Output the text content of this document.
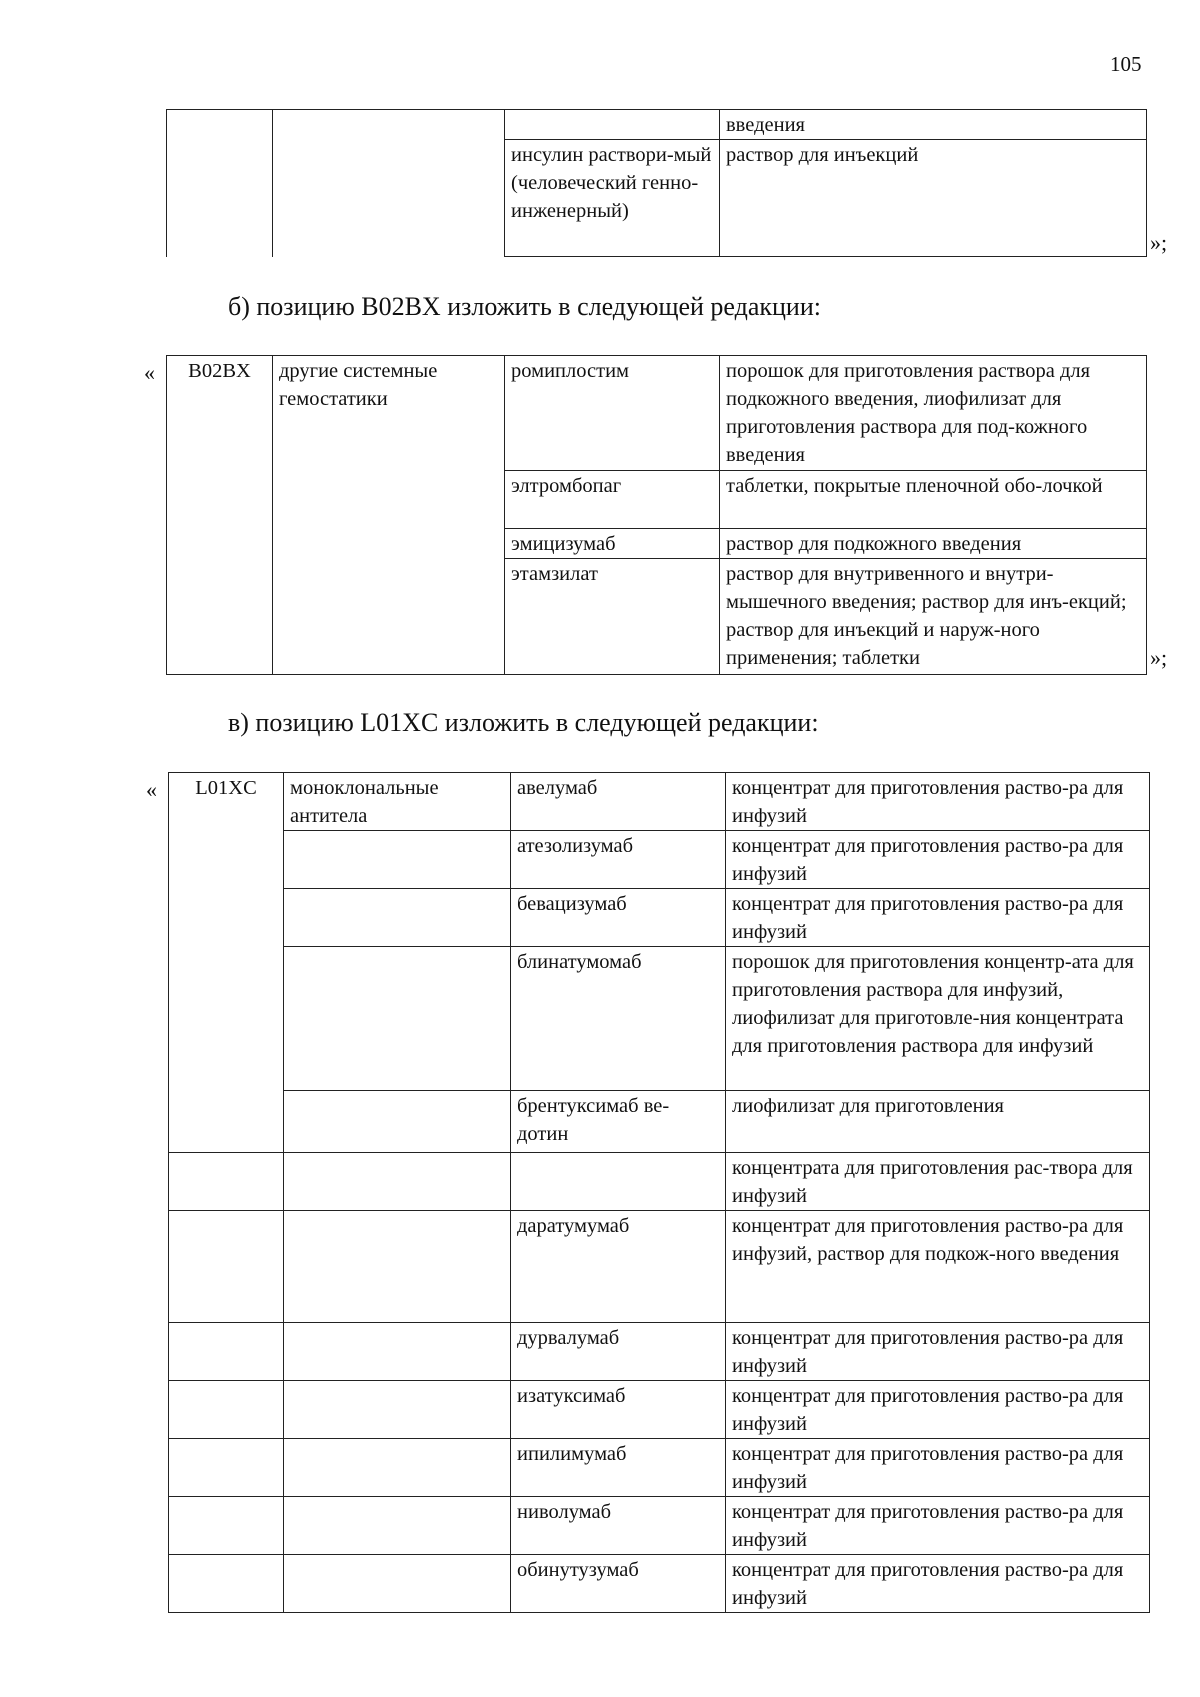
105
			введения
		инсулин раствори-мый (человеческий генно-инженерный)	раствор для инъекций
»;
б) позицию B02BX изложить в следующей редакции:
« B02BX	другие системные гемостатики	ромиплостим	порошок для приготовления раствора для подкожного введения, лиофилизат для приготовления раствора для под-кожного введения
		элтромбопаг	таблетки, покрытые пленочной обо-лочкой
		эмицизумаб	раствор для подкожного введения
		этамзилат	раствор для внутривенного и внутри-мышечного введения; раствор для инъ-екций; раствор для инъекций и наруж-ного применения; таблетки	»;
в) позицию L01XC изложить в следующей редакции:
« L01XC	моноклональные антитела	авелумаб	концентрат для приготовления раство-ра для инфузий
		атезолизумаб	концентрат для приготовления раство-ра для инфузий
		бевацизумаб	концентрат для приготовления раство-ра для инфузий
		блинатумомаб	порошок для приготовления концентр-ата для приготовления раствора для инфузий, лиофилизат для приготовле-ния концентрата для приготовления раствора для инфузий
		брентуксимаб ве-дотин	лиофилизат для приготовления
			концентрата для приготовления рас-твора для инфузий
		даратумумаб	концентрат для приготовления раство-ра для инфузий, раствор для подкож-ного введения
		дурвалумаб	концентрат для приготовления раство-ра для инфузий
		изатуксимаб	концентрат для приготовления раство-ра для инфузий
		ипилимумаб	концентрат для приготовления раство-ра для инфузий
		ниволумаб	концентрат для приготовления раство-ра для инфузий
		обинутузумаб	концентрат для приготовления раство-ра для инфузий
